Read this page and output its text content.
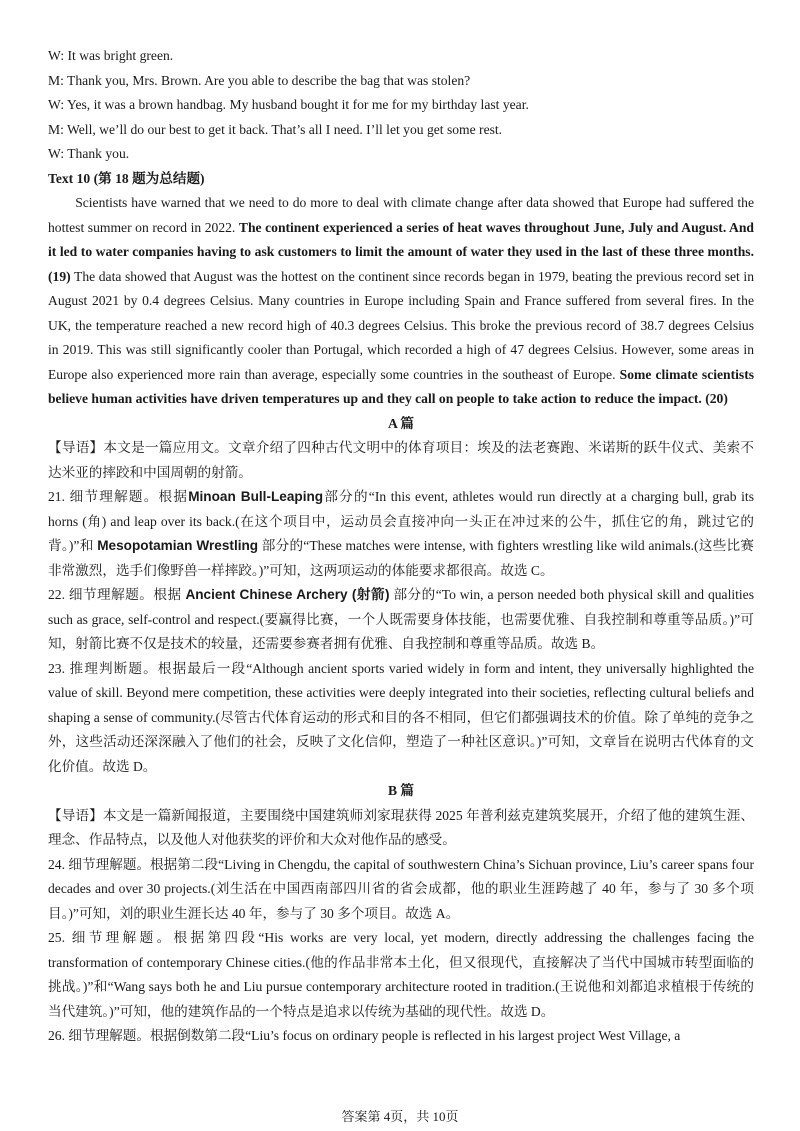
W: It was bright green.
M: Thank you, Mrs. Brown. Are you able to describe the bag that was stolen?
W: Yes, it was a brown handbag. My husband bought it for me for my birthday last year.
M: Well, we’ll do our best to get it back. That’s all I need. I’ll let you get some rest.
W: Thank you.
Text 10 (第 18 题为总结题)
Scientists have warned that we need to do more to deal with climate change after data showed that Europe had suffered the hottest summer on record in 2022. The continent experienced a series of heat waves throughout June, July and August. And it led to water companies having to ask customers to limit the amount of water they used in the last of these three months. (19) The data showed that August was the hottest on the continent since records began in 1979, beating the previous record set in August 2021 by 0.4 degrees Celsius. Many countries in Europe including Spain and France suffered from several fires. In the UK, the temperature reached a new record high of 40.3 degrees Celsius. This broke the previous record of 38.7 degrees Celsius in 2019. This was still significantly cooler than Portugal, which recorded a high of 47 degrees Celsius. However, some areas in Europe also experienced more rain than average, especially some countries in the southeast of Europe. Some climate scientists believe human activities have driven temperatures up and they call on people to take action to reduce the impact. (20)
A 篇
【导语】本文是一篇应用文。文章介绍了四种古代文明中的体育项目：埃及的法老赛跑、米诺斯的跃牛仪式、美索不达米亚的摔跤和中国周朝的射箭。
21. 细节理解题。根据Minoan Bull-Leaping部分的“In this event, athletes would run directly at a charging bull, grab its horns (角) and leap over its back.(在这个项目中，运动员会直接冲向一头正在冲过来的公牛，抓住它的角，跳过它的背。)”和 Mesopotamian Wrestling 部分的“These matches were intense, with fighters wrestling like wild animals.(这些比赛非常激烈，选手们像野兽一样摔跤。)”可知，这两项运动的体能要求都很高。故选 C。
22. 细节理解题。根据 Ancient Chinese Archery (射箭) 部分的“To win, a person needed both physical skill and qualities such as grace, self-control and respect.(要赢得比赛，一个人既需要身体技能，也需要优雅、自我控制和尊重等品质。)”可知，射箭比赛不仅是技术的较量，还需要参赛者拥有优雅、自我控制和尊重等品质。故选 B。
23. 推理判断题。根据最后一段“Although ancient sports varied widely in form and intent, they universally highlighted the value of skill. Beyond mere competition, these activities were deeply integrated into their societies, reflecting cultural beliefs and shaping a sense of community.(尽管古代体育运动的形式和目的各不相同，但它们都强调技术的价值。除了单纯的竞争之外，这些活动还深深融入了他们的社会，反映了文化信仰，塑造了一种社区意识。)”可知，文章旨在说明古代体育的文化价值。故选 D。
B 篇
【导语】本文是一篇新闻报道，主要围绕中国建筑师刘家琨获得 2025 年普利兹克建筑奖展开，介绍了他的建筑生涯、理念、作品特点，以及他人对他获奖的评价和大众对他作品的感受。
24. 细节理解题。根据第二段“Living in Chengdu, the capital of southwestern China’s Sichuan province, Liu’s career spans four decades and over 30 projects.(刘生活在中国西南部四川省的省会成都，他的职业生涯跨越了 40 年，参与了 30 多个项目。)”可知，刘的职业生涯长达 40 年，参与了 30 多个项目。故选 A。
25. 细节理解题。根据第四段“His works are very local, yet modern, directly addressing the challenges facing the transformation of contemporary Chinese cities.(他的作品非常本土化，但又很现代，直接解决了当代中国城市转型面临的挑战。)”和“Wang says both he and Liu pursue contemporary architecture rooted in tradition.(王说他和刘都追求植根于传统的当代建筑。)”可知，他的建筑作品的一个特点是追求以传统为基础的现代性。故选 D。
26. 细节理解题。根据倒数第二段“Liu’s focus on ordinary people is reflected in his largest project West Village, a
答案第 4页，共 10页
